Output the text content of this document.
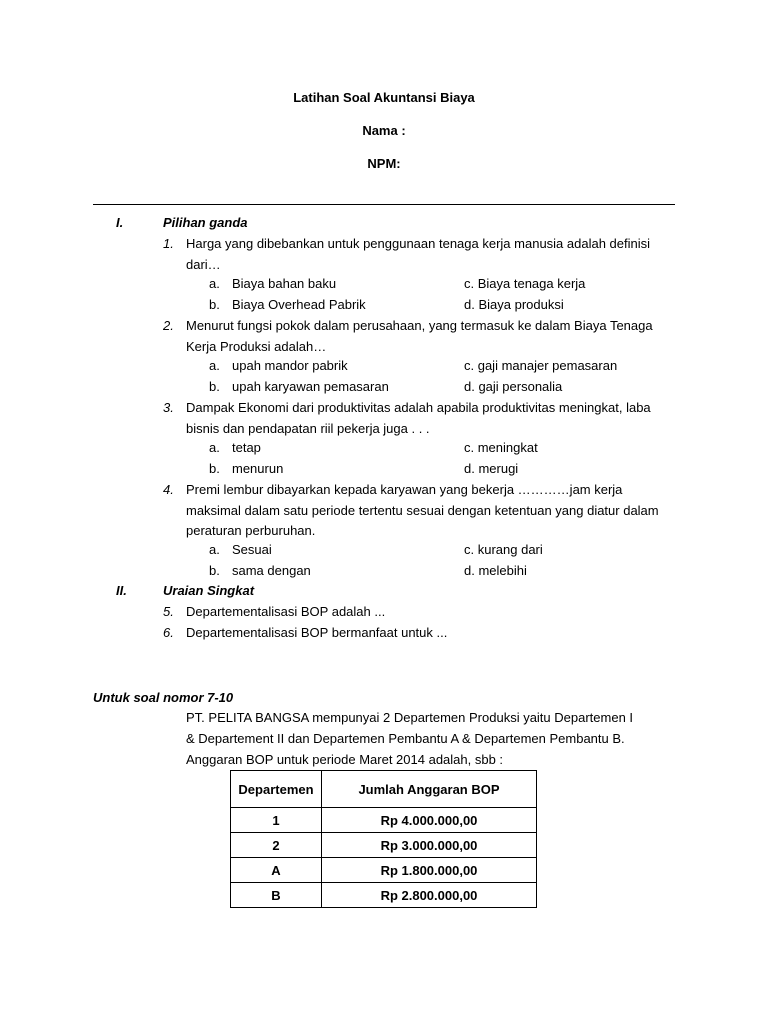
Latihan Soal Akuntansi Biaya
Nama :
NPM:
I.	Pilihan ganda
1. Harga yang dibebankan untuk penggunaan tenaga kerja manusia adalah definisi dari…
a. Biaya bahan baku
b. Biaya Overhead Pabrik
c. Biaya tenaga kerja
d. Biaya produksi
2. Menurut fungsi pokok dalam perusahaan, yang termasuk ke dalam Biaya Tenaga Kerja Produksi adalah…
a. upah mandor pabrik
b. upah karyawan pemasaran
c. gaji manajer pemasaran
d. gaji personalia
3. Dampak Ekonomi dari produktivitas adalah apabila produktivitas meningkat, laba bisnis dan pendapatan riil pekerja juga . . .
a. tetap
b. menurun
c. meningkat
d. merugi
4. Premi lembur dibayarkan kepada karyawan yang bekerja …………jam kerja maksimal dalam satu periode tertentu sesuai dengan ketentuan yang diatur dalam peraturan perburuhan.
a. Sesuai
b. sama dengan
c. kurang dari
d. melebihi
II.	Uraian Singkat
5. Departementalisasi BOP adalah ...
6. Departementalisasi BOP bermanfaat untuk ...
Untuk soal nomor 7-10
PT. PELITA BANGSA mempunyai 2 Departemen Produksi yaitu Departemen I
& Departement II dan Departemen Pembantu A & Departemen Pembantu B.
Anggaran BOP untuk periode Maret 2014 adalah, sbb :
Departemen	Jumlah Anggaran BOP
1	Rp 4.000.000,00
2	Rp 3.000.000,00
A	Rp 1.800.000,00
B	Rp 2.800.000,00
